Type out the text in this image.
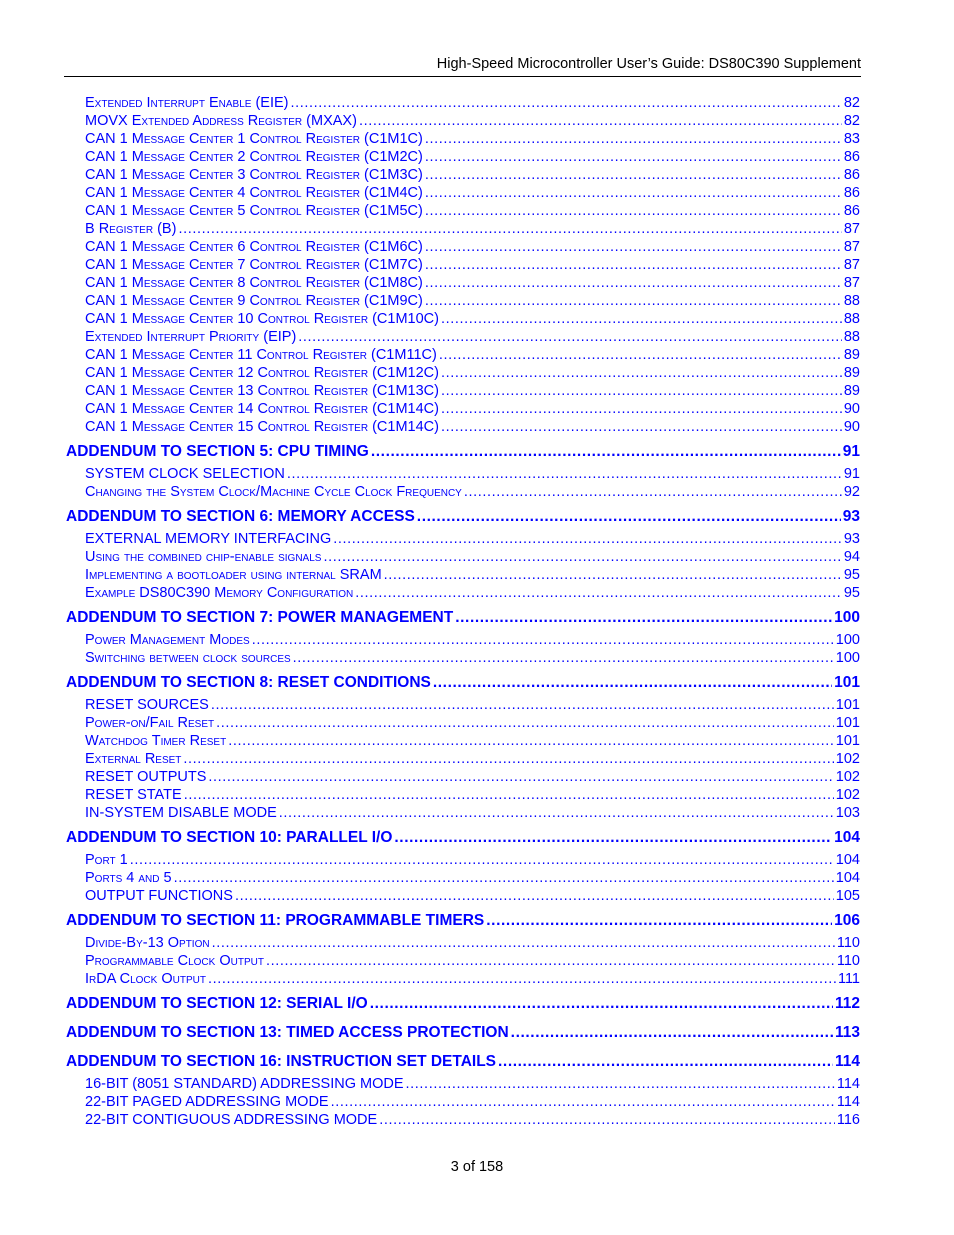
High-Speed Microcontroller User’s Guide: DS80C390 Supplement
Extended Interrupt Enable (EIE) .....	82
MOVX Extended Address Register (MXAX) .....	82
CAN 1 Message Center 1 Control Register (C1M1C) .....	83
CAN 1 Message Center 2 Control Register (C1M2C) .....	86
CAN 1 Message Center 3 Control Register (C1M3C) .....	86
CAN 1 Message Center 4 Control Register (C1M4C) .....	86
CAN 1 Message Center 5 Control Register (C1M5C) .....	86
B Register (B) .....	87
CAN 1 Message Center 6 Control Register (C1M6C) .....	87
CAN 1 Message Center 7 Control Register (C1M7C) .....	87
CAN 1 Message Center 8 Control Register (C1M8C) .....	87
CAN 1 Message Center 9 Control Register (C1M9C) .....	88
CAN 1 Message Center 10 Control Register (C1M10C) .....	88
Extended Interrupt Priority (EIP) .....	88
CAN 1 Message Center 11 Control Register (C1M11C) .....	89
CAN 1 Message Center 12 Control Register (C1M12C) .....	89
CAN 1 Message Center 13 Control Register (C1M13C) .....	89
CAN 1 Message Center 14 Control Register (C1M14C) .....	90
CAN 1 Message Center 15 Control Register (C1M14C) .....	90
ADDENDUM TO SECTION 5: CPU TIMING .....	91
SYSTEM CLOCK SELECTION .....	91
Changing the System Clock/Machine Cycle Clock Frequency .....	92
ADDENDUM TO SECTION 6: MEMORY ACCESS .....	93
EXTERNAL MEMORY INTERFACING .....	93
Using the combined chip-enable signals .....	94
Implementing a bootloader using internal SRAM .....	95
Example DS80C390 Memory Configuration .....	95
ADDENDUM TO SECTION 7: POWER MANAGEMENT .....	100
Power Management Modes .....	100
Switching between clock sources .....	100
ADDENDUM TO SECTION 8: RESET CONDITIONS .....	101
RESET SOURCES .....	101
Power-on/Fail Reset .....	101
Watchdog Timer Reset .....	101
External Reset .....	102
RESET OUTPUTS .....	102
RESET STATE .....	102
IN-SYSTEM DISABLE MODE .....	103
ADDENDUM TO SECTION 10: PARALLEL I/O .....	104
Port 1 .....	104
Ports 4 and 5 .....	104
OUTPUT FUNCTIONS .....	105
ADDENDUM TO SECTION 11: PROGRAMMABLE TIMERS .....	106
Divide-By-13 Option .....	110
Programmable Clock Output .....	110
IrDA Clock Output .....	111
ADDENDUM TO SECTION 12: SERIAL I/O .....	112
ADDENDUM TO SECTION 13: TIMED ACCESS PROTECTION .....	113
ADDENDUM TO SECTION 16: INSTRUCTION SET DETAILS .....	114
16-BIT (8051 STANDARD) ADDRESSING MODE .....	114
22-BIT PAGED ADDRESSING MODE .....	114
22-BIT CONTIGUOUS ADDRESSING MODE .....	116
3 of 158
